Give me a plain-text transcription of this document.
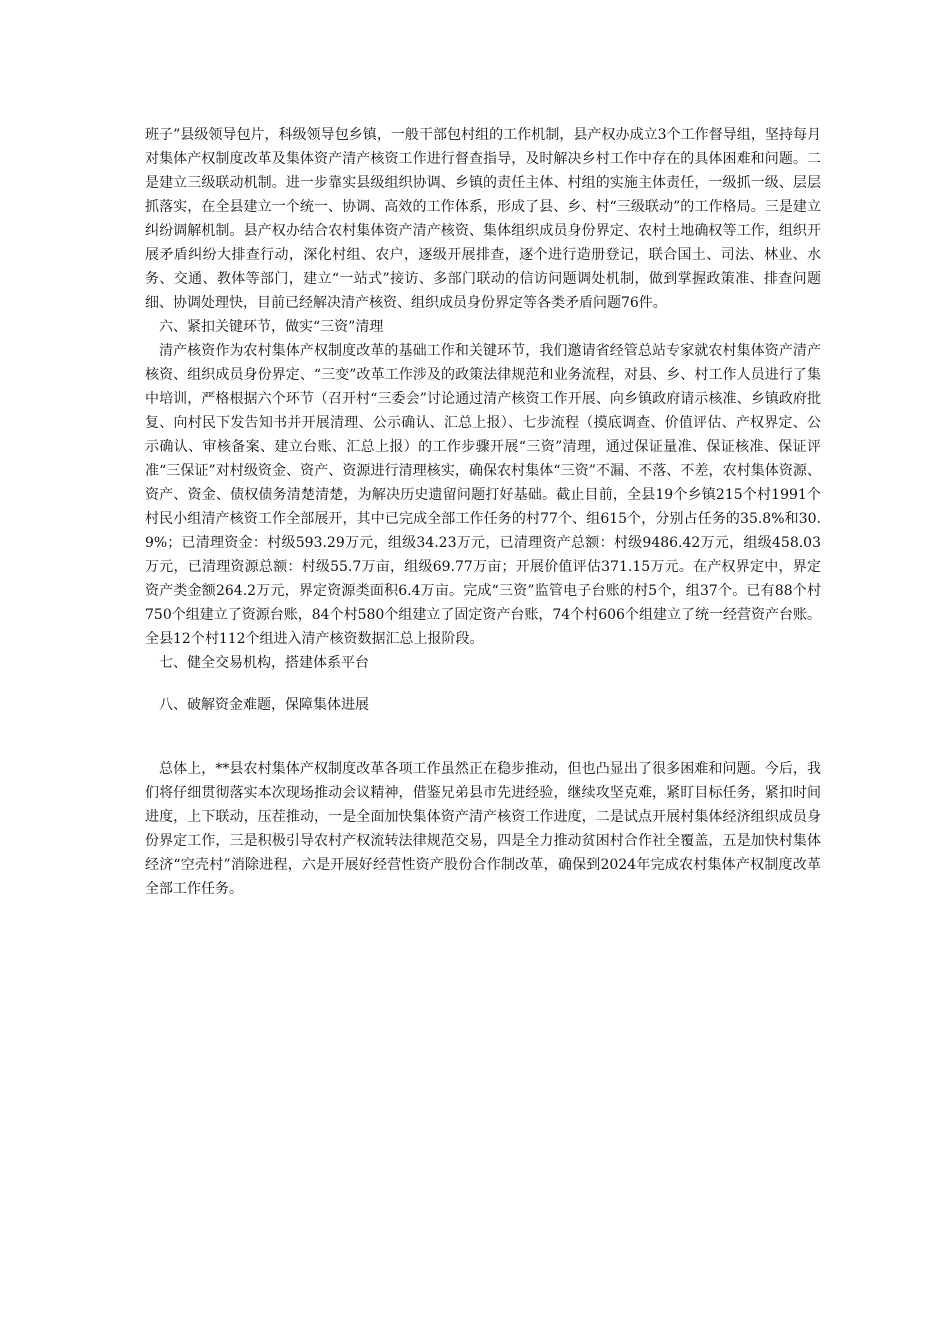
班子”县级领导包片，科级领导包乡镇，一般干部包村组的工作机制，县产权办成立3个工作督导组，坚持每月对集体产权制度改革及集体资产清产核资工作进行督查指导，及时解决乡村工作中存在的具体困难和问题。二是建立三级联动机制。进一步靠实县级组织协调、乡镇的责任主体、村组的实施主体责任，一级抓一级、层层抓落实，在全县建立一个统一、协调、高效的工作体系，形成了县、乡、村“三级联动”的工作格局。三是建立纠纷调解机制。县产权办结合农村集体资产清产核资、集体组织成员身份界定、农村土地确权等工作，组织开展矛盾纠纷大排查行动，深化村组、农户，逐级开展排查，逐个进行造册登记，联合国土、司法、林业、水务、交通、教体等部门，建立“一站式”接访、多部门联动的信访问题调处机制，做到掌握政策准、排查问题细、协调处理快，目前已经解决清产核资、组织成员身份界定等各类矛盾问题76件。

六、紧扣关键环节，做实“三资”清理

清产核资作为农村集体产权制度改革的基础工作和关键环节，我们邀请省经管总站专家就农村集体资产清产核资、组织成员身份界定、“三变”改革工作涉及的政策法律规范和业务流程，对县、乡、村工作人员进行了集中培训，严格根据六个环节（召开村“三委会”讨论通过清产核资工作开展、向乡镇政府请示核准、乡镇政府批复、向村民下发告知书并开展清理、公示确认、汇总上报）、七步流程（摸底调查、价值评估、产权界定、公示确认、审核备案、建立台账、汇总上报）的工作步骤开展“三资”清理，通过保证量准、保证核准、保证评准“三保证”对村级资金、资产、资源进行清理核实，确保农村集体“三资”不漏、不落、不差，农村集体资源、资产、资金、债权债务清楚清楚，为解决历史遗留问题打好基础。截止目前，全县19个乡镇215个村1991个村民小组清产核资工作全部展开，其中已完成全部工作任务的村77个、组615个，分别占任务的35.8%和30.9%；已清理资金：村级593.29万元，组级34.23万元，已清理资产总额：村级9486.42万元，组级458.03万元，已清理资源总额：村级55.7万亩，组级69.77万亩；开展价值评估371.15万元。在产权界定中，界定资产类金额264.2万元，界定资源类面积6.4万亩。完成“三资”监管电子台账的村5个，组37个。已有88个村750个组建立了资源台账，84个村580个组建立了固定资产台账，74个村606个组建立了统一经营资产台账。全县12个村112个组进入清产核资数据汇总上报阶段。

七、健全交易机构，搭建体系平台

八、破解资金难题，保障集体进展

总体上，**县农村集体产权制度改革各项工作虽然正在稳步推动，但也凸显出了很多困难和问题。今后，我们将仔细贯彻落实本次现场推动会议精神，借鉴兄弟县市先进经验，继续攻坚克难，紧盯目标任务，紧扣时间进度，上下联动，压茬推动，一是全面加快集体资产清产核资工作进度，二是试点开展村集体经济组织成员身份界定工作，三是积极引导农村产权流转法律规范交易，四是全力推动贫困村合作社全覆盖，五是加快村集体经济“空壳村”消除进程，六是开展好经营性资产股份合作制改革，确保到2024年完成农村集体产权制度改革全部工作任务。
